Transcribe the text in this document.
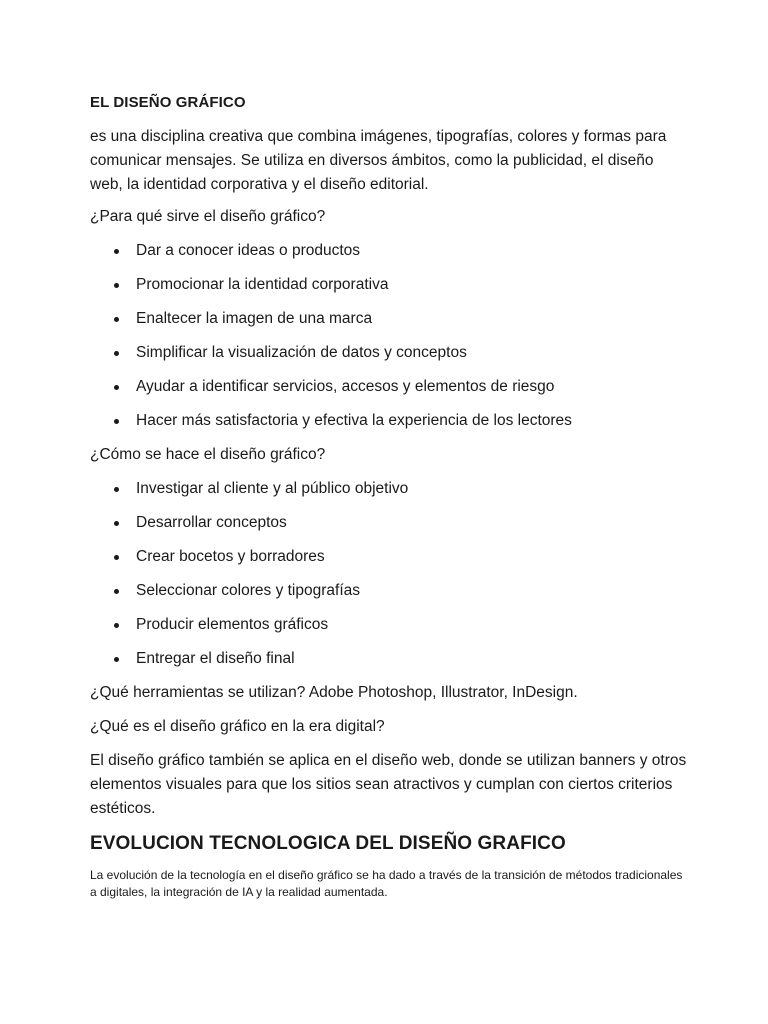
EL DISEÑO GRÁFICO

es una disciplina creativa que combina imágenes, tipografías, colores y formas para comunicar mensajes. Se utiliza en diversos ámbitos, como la publicidad, el diseño web, la identidad corporativa y el diseño editorial.

¿Para qué sirve el diseño gráfico?

Dar a conocer ideas o productos
Promocionar la identidad corporativa
Enaltecer la imagen de una marca
Simplificar la visualización de datos y conceptos
Ayudar a identificar servicios, accesos y elementos de riesgo
Hacer más satisfactoria y efectiva la experiencia de los lectores

¿Cómo se hace el diseño gráfico?

Investigar al cliente y al público objetivo
Desarrollar conceptos
Crear bocetos y borradores
Seleccionar colores y tipografías
Producir elementos gráficos
Entregar el diseño final

¿Qué herramientas se utilizan? Adobe Photoshop, Illustrator, InDesign.

¿Qué es el diseño gráfico en la era digital?

El diseño gráfico también se aplica en el diseño web, donde se utilizan banners y otros elementos visuales para que los sitios sean atractivos y cumplan con ciertos criterios estéticos.

EVOLUCION TECNOLOGICA DEL DISEÑO GRAFICO

La evolución de la tecnología en el diseño gráfico se ha dado a través de la transición de métodos tradicionales a digitales, la integración de IA y la realidad aumentada.
